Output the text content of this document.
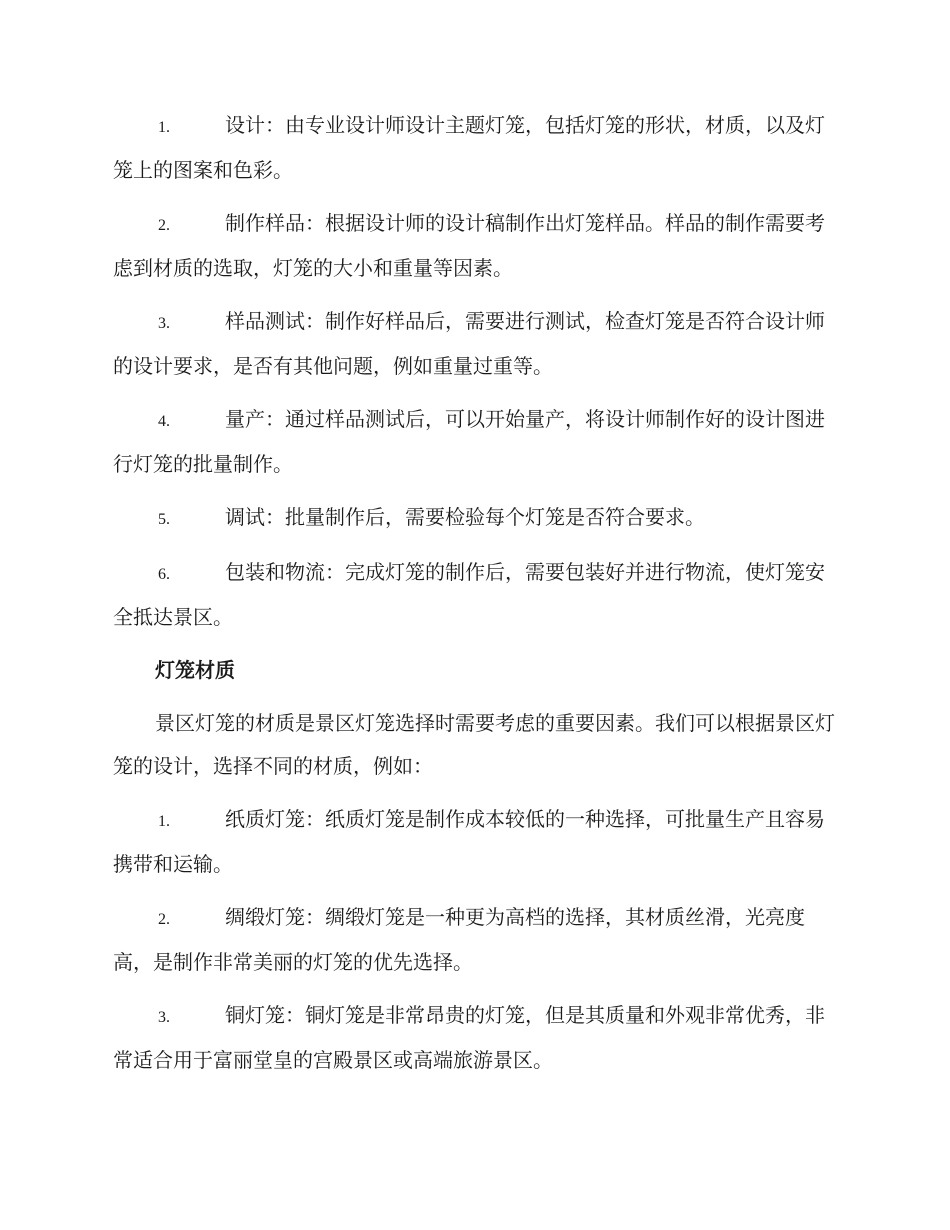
1.	设计：由专业设计师设计主题灯笼，包括灯笼的形状，材质，以及灯笼上的图案和色彩。
2.	制作样品：根据设计师的设计稿制作出灯笼样品。样品的制作需要考虑到材质的选取，灯笼的大小和重量等因素。
3.	样品测试：制作好样品后，需要进行测试，检查灯笼是否符合设计师的设计要求，是否有其他问题，例如重量过重等。
4.	量产：通过样品测试后，可以开始量产，将设计师制作好的设计图进行灯笼的批量制作。
5.	调试：批量制作后，需要检验每个灯笼是否符合要求。
6.	包装和物流：完成灯笼的制作后，需要包装好并进行物流，使灯笼安全抵达景区。
灯笼材质
景区灯笼的材质是景区灯笼选择时需要考虑的重要因素。我们可以根据景区灯笼的设计，选择不同的材质，例如：
1.	纸质灯笼：纸质灯笼是制作成本较低的一种选择，可批量生产且容易携带和运输。
2.	绸缎灯笼：绸缎灯笼是一种更为高档的选择，其材质丝滑，光亮度高，是制作非常美丽的灯笼的优先选择。
3.	铜灯笼：铜灯笼是非常昂贵的灯笼，但是其质量和外观非常优秀，非常适合用于富丽堂皇的宫殿景区或高端旅游景区。
